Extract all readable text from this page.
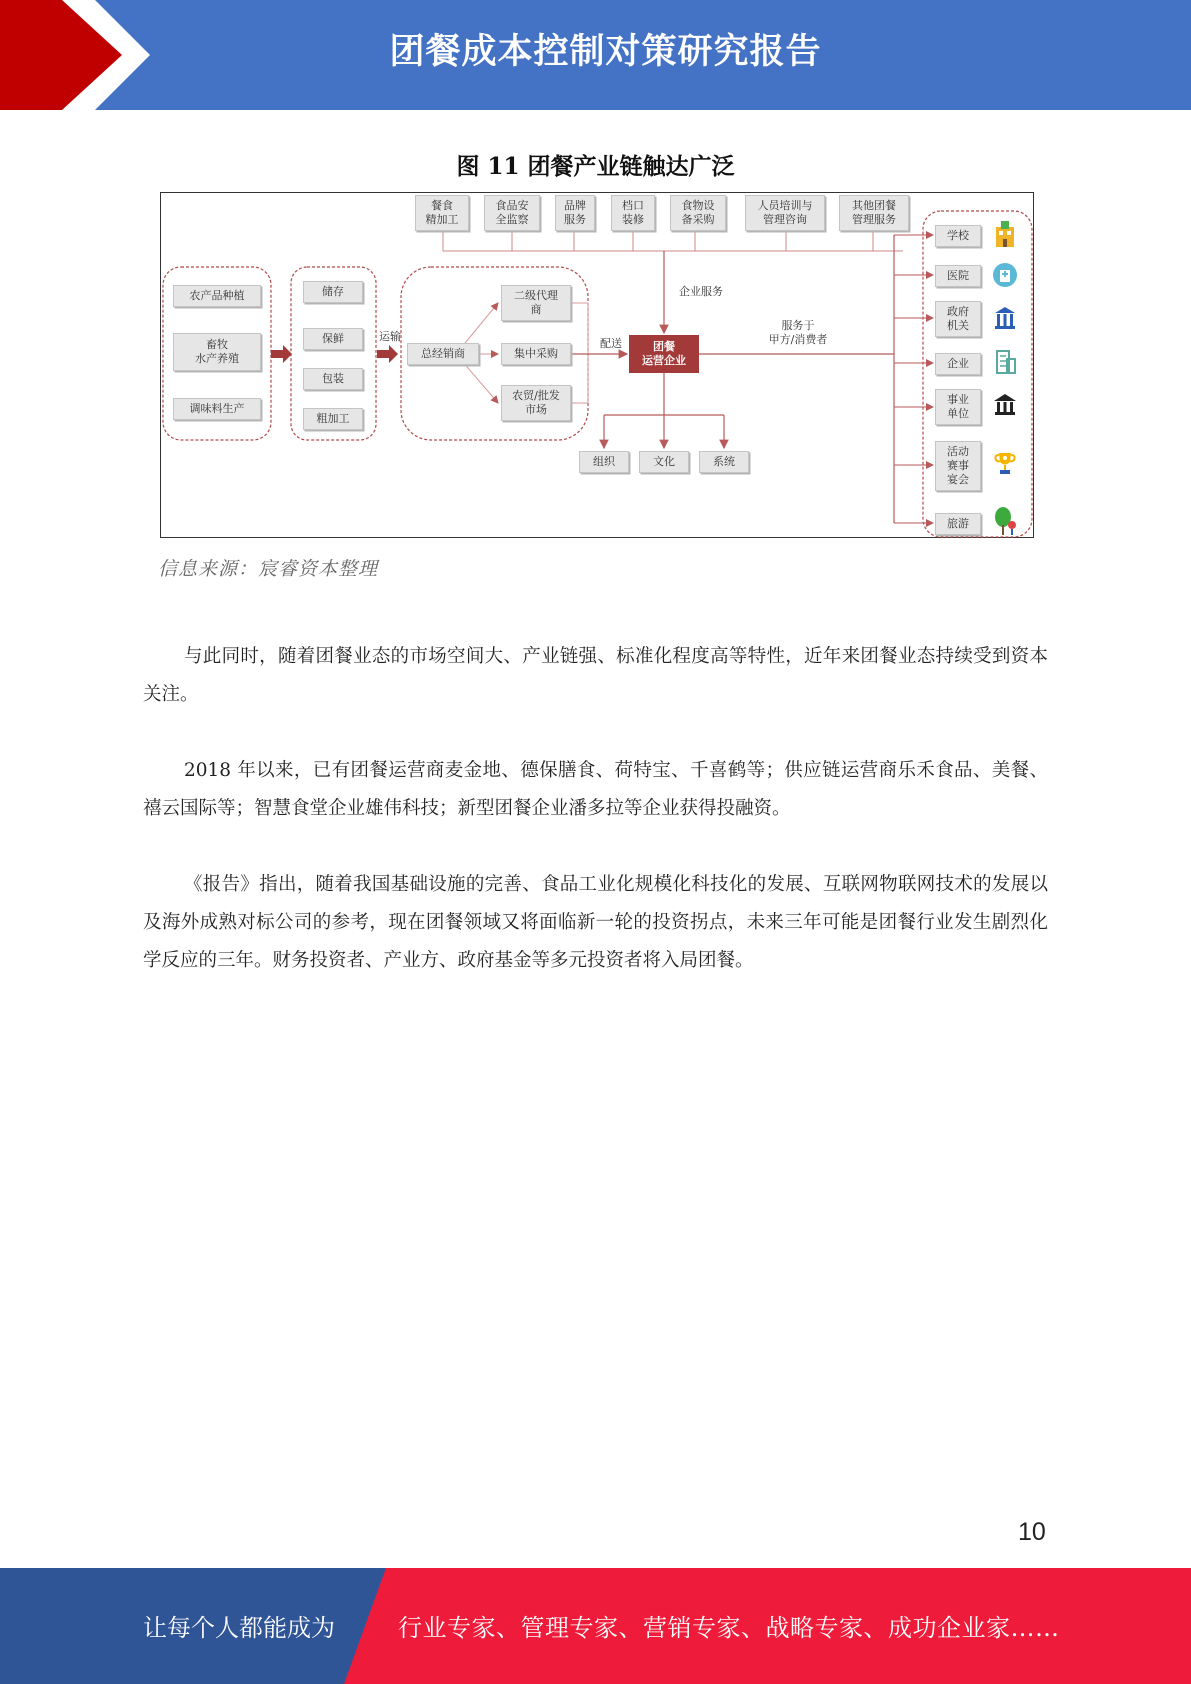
团餐成本控制对策研究报告
图 11 团餐产业链触达广泛
餐食
精加工
食品安
全监察
品牌
服务
档口
装修
食物设
备采购
人员培训与
管理咨询
其他团餐
管理服务
农产品种植
畜牧
水产养殖
调味料生产
储存
保鲜
包装
粗加工
运输
总经销商
二级代理
商
集中采购
农贸/批发
市场
配送
企业服务
团餐
运营企业
服务于
甲方/消费者
组织	文化	系统
学校
医院
政府
机关
企业
事业
单位
活动
赛事
宴会
旅游
信息来源：宸睿资本整理

与此同时，随着团餐业态的市场空间大、产业链强、标准化程度高等特性，近年来团餐业态持续受到资本关注。

2018 年以来，已有团餐运营商麦金地、德保膳食、荷特宝、千喜鹤等；供应链运营商乐禾食品、美餐、禧云国际等；智慧食堂企业雄伟科技；新型团餐企业潘多拉等企业获得投融资。

《报告》指出，随着我国基础设施的完善、食品工业化规模化科技化的发展、互联网物联网技术的发展以及海外成熟对标公司的参考，现在团餐领域又将面临新一轮的投资拐点，未来三年可能是团餐行业发生剧烈化学反应的三年。财务投资者、产业方、政府基金等多元投资者将入局团餐。

10
让每个人都能成为	行业专家、管理专家、营销专家、战略专家、成功企业家……
